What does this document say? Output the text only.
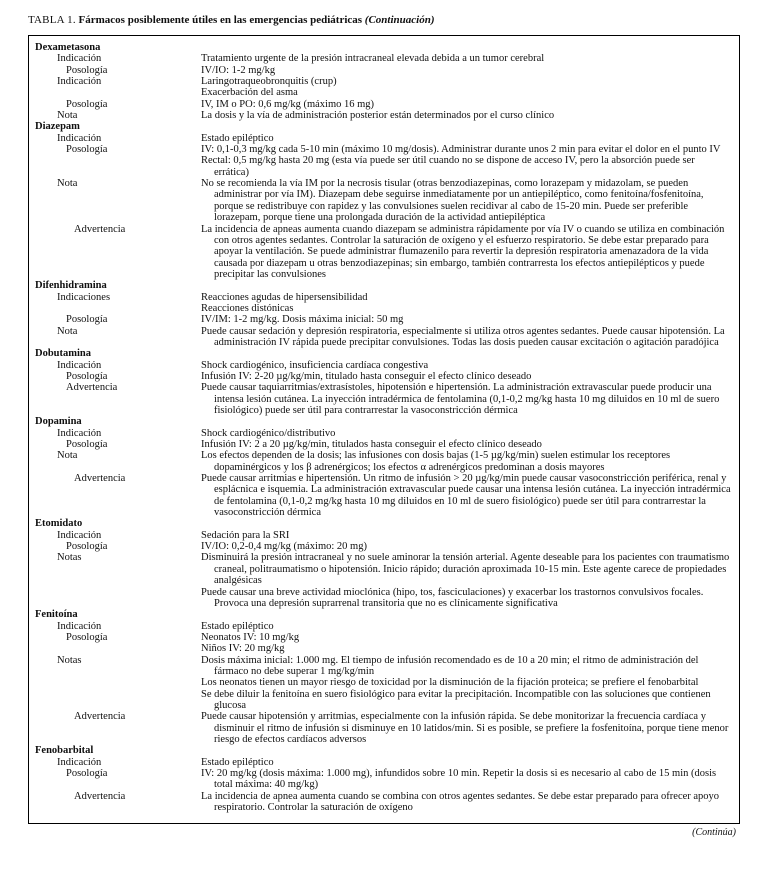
TABLA 1. Fármacos posiblemente útiles en las emergencias pediátricas (Continuación)
Dexametasona
Indicación	Tratamiento urgente de la presión intracraneal elevada debida a un tumor cerebral
Posología	IV/IO: 1-2 mg/kg
Indicación	Laringotraqueobronquitis (crup)
Exacerbación del asma
Posología	IV, IM o PO: 0,6 mg/kg (máximo 16 mg)
Nota	La dosis y la vía de administración posterior están determinados por el curso clínico
Diazepam
Indicación	Estado epiléptico
Posología	IV: 0,1-0,3 mg/kg cada 5-10 min (máximo 10 mg/dosis). Administrar durante unos 2 min para evitar el dolor en el punto IV
Rectal: 0,5 mg/kg hasta 20 mg (esta vía puede ser útil cuando no se dispone de acceso IV, pero la absorción puede ser errática)
Nota	No se recomienda la vía IM por la necrosis tisular (otras benzodiazepinas, como lorazepam y midazolam, se pueden administrar por vía IM). Diazepam debe seguirse inmediatamente por un antiepiléptico, como fenitoína/fosfenitoína, porque se redistribuye con rapidez y las convulsiones suelen recidivar al cabo de 15-20 min. Puede ser preferible lorazepam, porque tiene una prolongada duración de la actividad antiepiléptica
Advertencia	La incidencia de apneas aumenta cuando diazepam se administra rápidamente por vía IV o cuando se utiliza en combinación con otros agentes sedantes. Controlar la saturación de oxígeno y el esfuerzo respiratorio. Se debe estar preparado para apoyar la ventilación. Se puede administrar flumazenilo para revertir la depresión respiratoria amenazadora de la vida causada por diazepam u otras benzodiazepinas; sin embargo, también contrarresta los efectos antiepilépticos y puede precipitar las convulsiones
Difenhidramina
Indicaciones	Reacciones agudas de hipersensibilidad
Reacciones distónicas
Posología	IV/IM: 1-2 mg/kg. Dosis máxima inicial: 50 mg
Nota	Puede causar sedación y depresión respiratoria, especialmente si utiliza otros agentes sedantes. Puede causar hipotensión. La administración IV rápida puede precipitar convulsiones. Todas las dosis pueden causar excitación o agitación paradójica
Dobutamina
Indicación	Shock cardiogénico, insuficiencia cardíaca congestiva
Posología	Infusión IV: 2-20 µg/kg/min, titulado hasta conseguir el efecto clínico deseado
Advertencia	Puede causar taquiarritmias/extrasístoles, hipotensión e hipertensión. La administración extravascular puede producir una intensa lesión cutánea. La inyección intradérmica de fentolamina (0,1-0,2 mg/kg hasta 10 mg diluidos en 10 ml de suero fisiológico) puede ser útil para contrarrestar la vasoconstricción dérmica
Dopamina
Indicación	Shock cardiogénico/distributivo
Posología	Infusión IV: 2 a 20 µg/kg/min, titulados hasta conseguir el efecto clínico deseado
Nota	Los efectos dependen de la dosis; las infusiones con dosis bajas (1-5 µg/kg/min) suelen estimular los receptores dopaminérgicos y los β adrenérgicos; los efectos α adrenérgicos predominan a dosis mayores
Advertencia	Puede causar arritmias e hipertensión. Un ritmo de infusión > 20 µg/kg/min puede causar vasoconstricción periférica, renal y esplácnica e isquemia. La administración extravascular puede causar una intensa lesión cutánea. La inyección intradérmica de fentolamina (0,1-0,2 mg/kg hasta 10 mg diluidos en 10 ml de suero fisiológico) puede ser útil para contrarrestar la vasoconstricción dérmica
Etomidato
Indicación	Sedación para la SRI
Posología	IV/IO: 0,2-0,4 mg/kg (máximo: 20 mg)
Notas	Disminuirá la presión intracraneal y no suele aminorar la tensión arterial. Agente deseable para los pacientes con traumatismo craneal, politraumatismo o hipotensión. Inicio rápido; duración aproximada 10-15 min. Este agente carece de propiedades analgésicas
Puede causar una breve actividad mioclónica (hipo, tos, fasciculaciones) y exacerbar los trastornos convulsivos focales. Provoca una depresión suprarrenal transitoria que no es clínicamente significativa
Fenitoína
Indicación	Estado epiléptico
Posología	Neonatos IV: 10 mg/kg
Niños IV: 20 mg/kg
Notas	Dosis máxima inicial: 1.000 mg. El tiempo de infusión recomendado es de 10 a 20 min; el ritmo de administración del fármaco no debe superar 1 mg/kg/min
Los neonatos tienen un mayor riesgo de toxicidad por la disminución de la fijación proteica; se prefiere el fenobarbital
Se debe diluir la fenitoína en suero fisiológico para evitar la precipitación. Incompatible con las soluciones que contienen glucosa
Advertencia	Puede causar hipotensión y arritmias, especialmente con la infusión rápida. Se debe monitorizar la frecuencia cardíaca y disminuir el ritmo de infusión si disminuye en 10 latidos/min. Si es posible, se prefiere la fosfenitoína, porque tiene menor riesgo de efectos cardíacos adversos
Fenobarbital
Indicación	Estado epiléptico
Posología	IV: 20 mg/kg (dosis máxima: 1.000 mg), infundidos sobre 10 min. Repetir la dosis si es necesario al cabo de 15 min (dosis total máxima: 40 mg/kg)
Advertencia	La incidencia de apnea aumenta cuando se combina con otros agentes sedantes. Se debe estar preparado para ofrecer apoyo respiratorio. Controlar la saturación de oxígeno
(Continúa)
